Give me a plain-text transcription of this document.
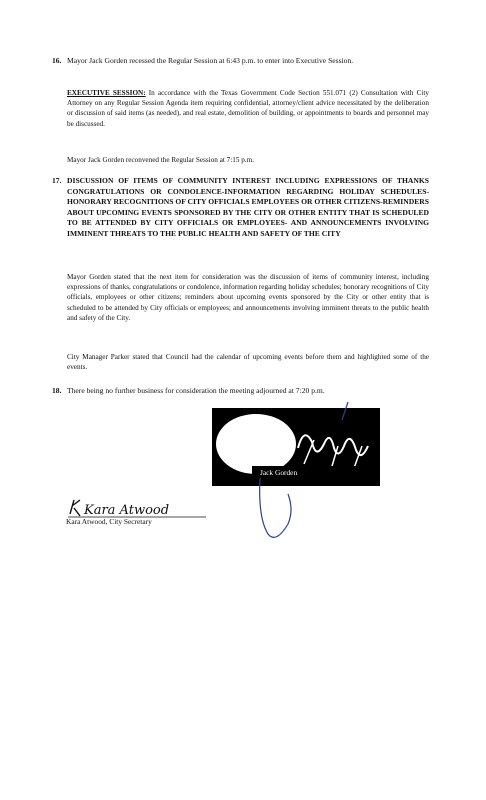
16. Mayor Jack Gorden recessed the Regular Session at 6:43 p.m. to enter into Executive Session.
EXECUTIVE SESSION: In accordance with the Texas Government Code Section 551.071 (2) Consultation with City Attorney on any Regular Session Agenda item requiring confidential, attorney/client advice necessitated by the deliberation or discussion of said items (as needed), and real estate, demolition of building, or appointments to boards and personnel may be discussed.
Mayor Jack Gorden reconvened the Regular Session at 7:15 p.m.
17. DISCUSSION OF ITEMS OF COMMUNITY INTEREST INCLUDING EXPRESSIONS OF THANKS CONGRATULATIONS OR CONDOLENCE-INFORMATION REGARDING HOLIDAY SCHEDULES- HONORARY RECOGNITIONS OF CITY OFFICIALS EMPLOYEES OR OTHER CITIZENS-REMINDERS ABOUT UPCOMING EVENTS SPONSORED BY THE CITY OR OTHER ENTITY THAT IS SCHEDULED TO BE ATTENDED BY CITY OFFICIALS OR EMPLOYEES- AND ANNOUNCEMENTS INVOLVING IMMINENT THREATS TO THE PUBLIC HEALTH AND SAFETY OF THE CITY
Mayor Gorden stated that the next item for consideration was the discussion of items of community interest, including expressions of thanks, congratulations or condolence, information regarding holiday schedules; honorary recognitions of City officials, employees or other citizens; reminders about upcoming events sponsored by the City or other entity that is scheduled to be attended by City officials or employees; and announcements involving imminent threats to the public health and safety of the City.
City Manager Parker stated that Council had the calendar of upcoming events before them and highlighted some of the events.
18. There being no further business for consideration the meeting adjourned at 7:20 p.m.
Jack Gorden
Kara Atwood
Kara Atwood, City Secretary
